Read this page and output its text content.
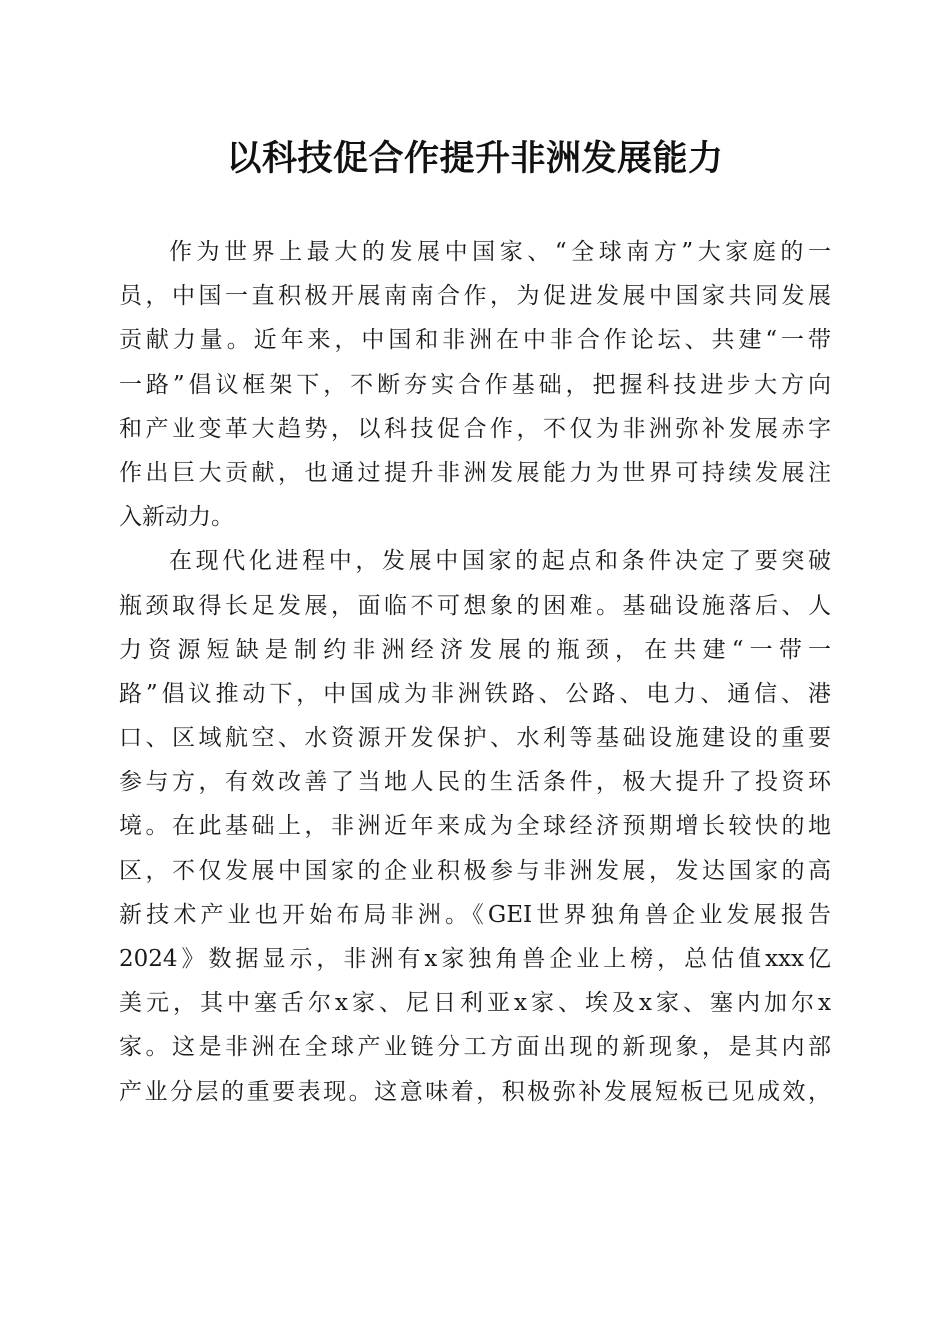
以科技促合作提升非洲发展能力
作为世界上最大的发展中国家、“全球南方”大家庭的一
员，中国一直积极开展南南合作，为促进发展中国家共同发展
贡献力量。近年来，中国和非洲在中非合作论坛、共建“一带
一路”倡议框架下，不断夯实合作基础，把握科技进步大方向
和产业变革大趋势，以科技促合作，不仅为非洲弥补发展赤字
作出巨大贡献，也通过提升非洲发展能力为世界可持续发展注
入新动力。
在现代化进程中，发展中国家的起点和条件决定了要突破
瓶颈取得长足发展，面临不可想象的困难。基础设施落后、人
力资源短缺是制约非洲经济发展的瓶颈，在共建“一带一
路”倡议推动下，中国成为非洲铁路、公路、电力、通信、港
口、区域航空、水资源开发保护、水利等基础设施建设的重要
参与方，有效改善了当地人民的生活条件，极大提升了投资环
境。在此基础上，非洲近年来成为全球经济预期增长较快的地
区，不仅发展中国家的企业积极参与非洲发展，发达国家的高
新技术产业也开始布局非洲。《GEI世界独角兽企业发展报告
2024》数据显示，非洲有x家独角兽企业上榜，总估值xxx亿
美元，其中塞舌尔x家、尼日利亚x家、埃及x家、塞内加尔x
家。这是非洲在全球产业链分工方面出现的新现象，是其内部
产业分层的重要表现。这意味着，积极弥补发展短板已见成效，
